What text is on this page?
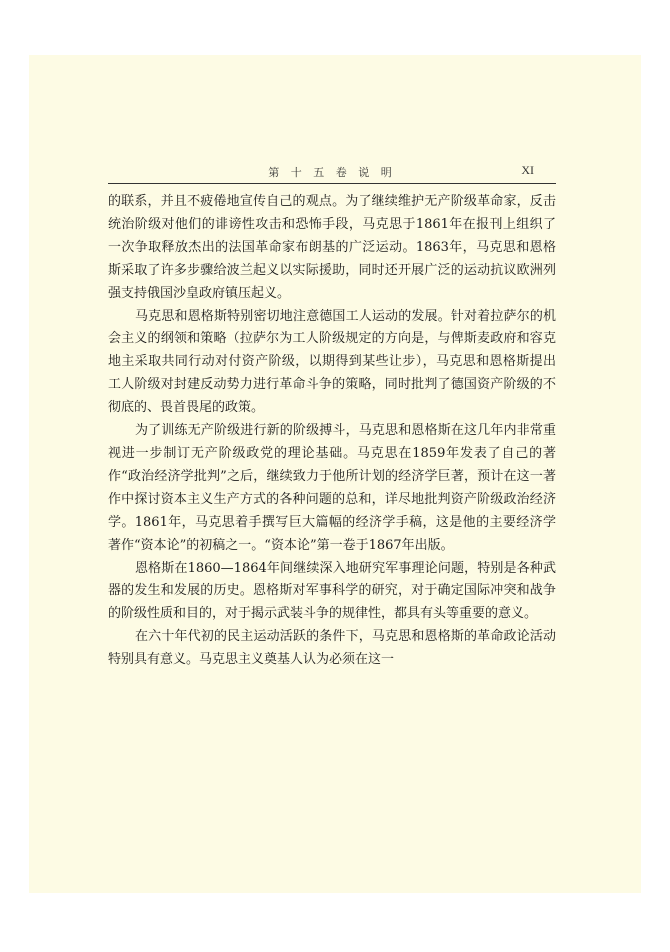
第 十 五 卷 说 明	XI

的联系，并且不疲倦地宣传自己的观点。为了继续维护无产阶级革命家，反击统治阶级对他们的诽谤性攻击和恐怖手段，马克思于1861年在报刊上组织了一次争取释放杰出的法国革命家布朗基的广泛运动。1863年，马克思和恩格斯采取了许多步骤给波兰起义以实际援助，同时还开展广泛的运动抗议欧洲列强支持俄国沙皇政府镇压起义。

马克思和恩格斯特别密切地注意德国工人运动的发展。针对着拉萨尔的机会主义的纲领和策略（拉萨尔为工人阶级规定的方向是，与俾斯麦政府和容克地主采取共同行动对付资产阶级，以期得到某些让步），马克思和恩格斯提出工人阶级对封建反动势力进行革命斗争的策略，同时批判了德国资产阶级的不彻底的、畏首畏尾的政策。

为了训练无产阶级进行新的阶级搏斗，马克思和恩格斯在这几年内非常重视进一步制订无产阶级政党的理论基础。马克思在1859年发表了自己的著作“政治经济学批判”之后，继续致力于他所计划的经济学巨著，预计在这一著作中探讨资本主义生产方式的各种问题的总和，详尽地批判资产阶级政治经济学。1861年，马克思着手撰写巨大篇幅的经济学手稿，这是他的主要经济学著作“资本论”的初稿之一。“资本论”第一卷于1867年出版。

恩格斯在1860—1864年间继续深入地研究军事理论问题，特别是各种武器的发生和发展的历史。恩格斯对军事科学的研究，对于确定国际冲突和战争的阶级性质和目的，对于揭示武装斗争的规律性，都具有头等重要的意义。

在六十年代初的民主运动活跃的条件下，马克思和恩格斯的革命政论活动特别具有意义。马克思主义奠基人认为必须在这一
